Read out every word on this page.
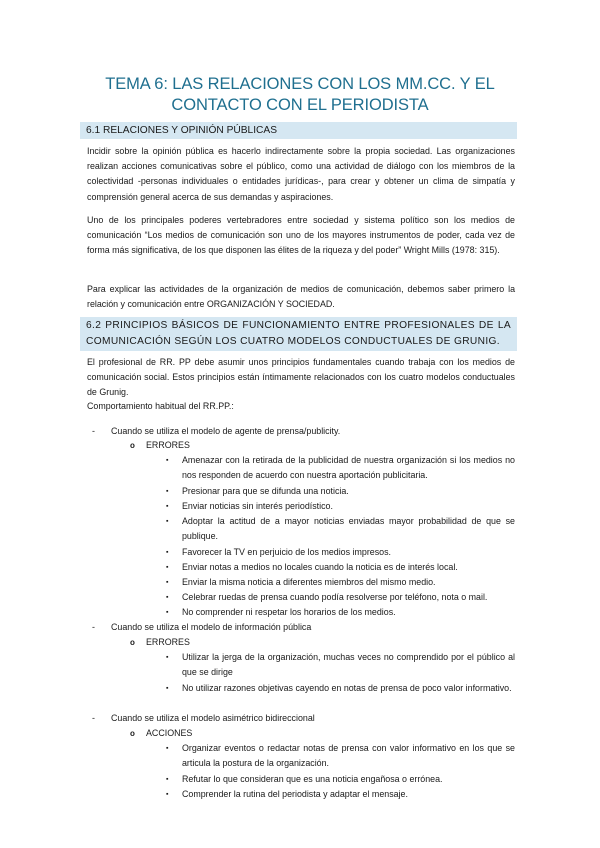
TEMA 6: LAS RELACIONES CON LOS MM.CC. Y EL
CONTACTO CON EL PERIODISTA
6.1 RELACIONES Y OPINIÓN PÚBLICAS
Incidir sobre la opinión pública es hacerlo indirectamente sobre la propia sociedad. Las organizaciones realizan acciones comunicativas sobre el público, como una actividad de diálogo con los miembros de la colectividad -personas individuales o entidades jurídicas-, para crear y obtener un clima de simpatía y comprensión general acerca de sus demandas y aspiraciones.
Uno de los principales poderes vertebradores entre sociedad y sistema político son los medios de comunicación “Los medios de comunicación son uno de los mayores instrumentos de poder, cada vez de forma más significativa, de los que disponen las élites de la riqueza y del poder” Wright Mills (1978: 315).
Para explicar las actividades de la organización de medios de comunicación, debemos saber primero la relación y comunicación entre ORGANIZACIÓN Y SOCIEDAD.
6.2 PRINCIPIOS BÁSICOS DE FUNCIONAMIENTO ENTRE PROFESIONALES DE LA
COMUNICACIÓN SEGÚN LOS CUATRO MODELOS CONDUCTUALES DE GRUNIG.
El profesional de RR. PP debe asumir unos principios fundamentales cuando trabaja con los medios de comunicación social. Estos principios están íntimamente relacionados con los cuatro modelos conductuales de Grunig.
Comportamiento habitual del RR.PP.:
- Cuando se utiliza el modelo de agente de prensa/publicity.
o ERRORES
▪ Amenazar con la retirada de la publicidad de nuestra organización si los medios no nos responden de acuerdo con nuestra aportación publicitaria.
▪ Presionar para que se difunda una noticia.
▪ Enviar noticias sin interés periodístico.
▪ Adoptar la actitud de a mayor noticias enviadas mayor probabilidad de que se publique.
▪ Favorecer la TV en perjuicio de los medios impresos.
▪ Enviar notas a medios no locales cuando la noticia es de interés local.
▪ Enviar la misma noticia a diferentes miembros del mismo medio.
▪ Celebrar ruedas de prensa cuando podía resolverse por teléfono, nota o mail.
▪ No comprender ni respetar los horarios de los medios.
- Cuando se utiliza el modelo de información pública
o ERRORES
▪ Utilizar la jerga de la organización, muchas veces no comprendido por el público al que se dirige
▪ No utilizar razones objetivas cayendo en notas de prensa de poco valor informativo.
- Cuando se utiliza el modelo asimétrico bidireccional
o ACCIONES
▪ Organizar eventos o redactar notas de prensa con valor informativo en los que se articula la postura de la organización.
▪ Refutar lo que consideran que es una noticia engañosa o errónea.
▪ Comprender la rutina del periodista y adaptar el mensaje.
